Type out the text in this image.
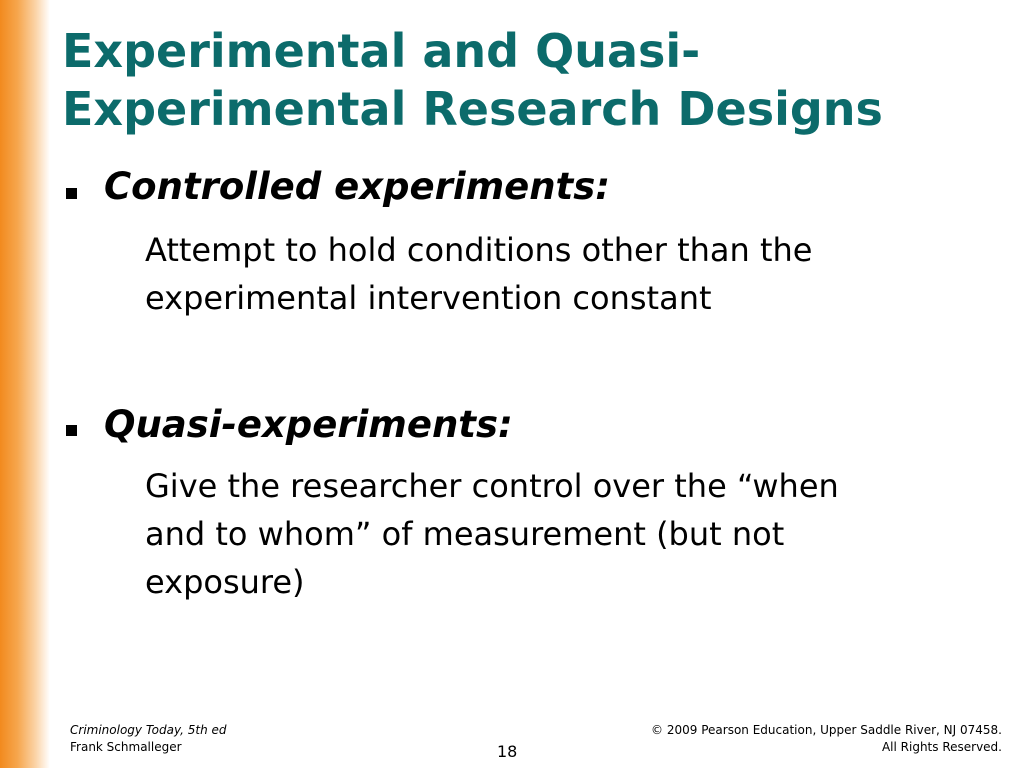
Experimental and Quasi-
Experimental Research Designs
Controlled experiments:

Attempt to hold conditions other than the
experimental intervention constant

Quasi-experiments:

Give the researcher control over the “when
and to whom” of measurement (but not
exposure)

Criminology Today, 5th ed
Frank Schmalleger	18
© 2009 Pearson Education, Upper Saddle River, NJ 07458.
All Rights Reserved.
